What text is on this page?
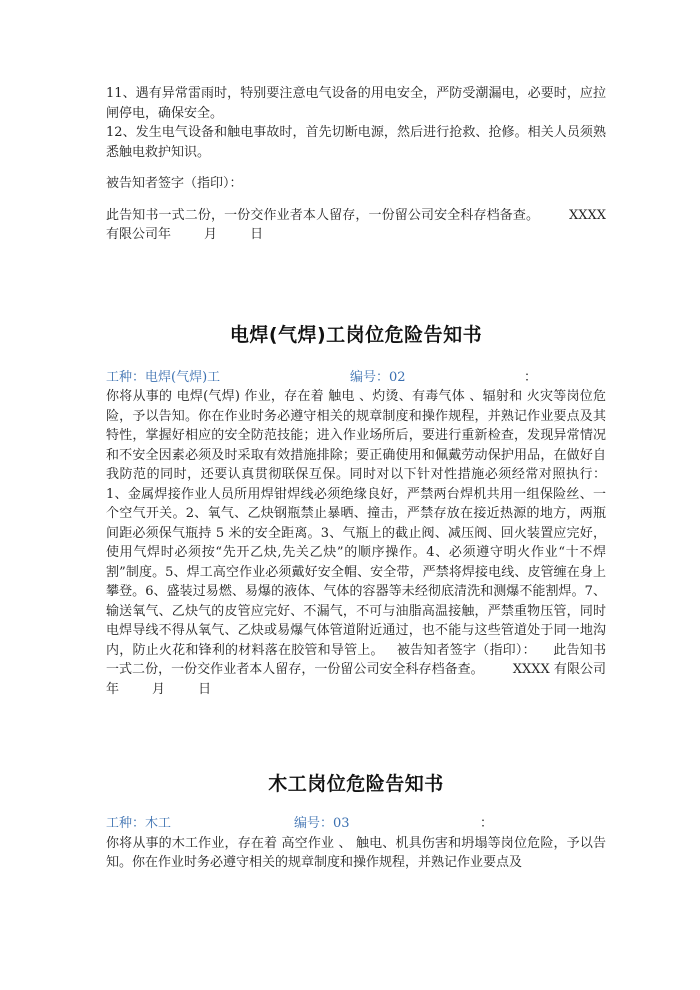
11、遇有异常雷雨时，特别要注意电气设备的用电安全，严防受潮漏电，必要时，应拉闸停电，确保安全。

12、发生电气设备和触电事故时，首先切断电源，然后进行抢救、抢修。相关人员须熟悉触电救护知识。

被告知者签字（指印）：

此告知书一式二份，一份交作业者本人留存，一份留公司安全科存档备查。       XXXX 有限公司年        月        日

电焊(气焊)工岗位危险告知书
工种：电焊(气焊)工	编号：02	：

你将从事的 电焊(气焊) 作业，存在着 触电 、灼烫、有毒气体 、辐射和 火灾等岗位危险，予以告知。你在作业时务必遵守相关的规章制度和操作规程，并熟记作业要点及其特性，掌握好相应的安全防范技能；进入作业场所后，要进行重新检查，发现异常情况和不安全因素必须及时采取有效措施排除；要正确使用和佩戴劳动保护用品，在做好自我防范的同时，还要认真贯彻联保互保。同时对以下针对性措施必须经常对照执行：1、金属焊接作业人员所用焊钳焊线必须绝缘良好，严禁两台焊机共用一组保险丝、一个空气开关。2、氧气、乙炔钢瓶禁止暴晒、撞击，严禁存放在接近热源的地方，两瓶间距必须保气瓶持 5 米的安全距离。3、气瓶上的截止阀、减压阀、回火装置应完好，使用气焊时必须按“先开乙炔,先关乙炔”的顺序操作。4、必须遵守明火作业“十不焊割”制度。5、焊工高空作业必须戴好安全帽、安全带，严禁将焊接电线、皮管缠在身上攀登。6、盛装过易燃、易爆的液体、气体的容器等未经彻底清洗和测爆不能割焊。7、输送氧气、乙炔气的皮管应完好、不漏气，不可与油脂高温接触，严禁重物压管，同时电焊导线不得从氧气、乙炔或易爆气体管道附近通过，也不能与这些管道处于同一地沟内，防止火花和锋利的材料落在胶管和导管上。   被告知者签字（指印）：    此告知书一式二份，一份交作业者本人留存，一份留公司安全科存档备查。       XXXX 有限公司年        月        日

木工岗位危险告知书
工种：木工	编号：03	：

你将从事的木工作业，存在着 高空作业 、 触电、机具伤害和坍塌等岗位危险，予以告知。你在作业时务必遵守相关的规章制度和操作规程，并熟记作业要点及
